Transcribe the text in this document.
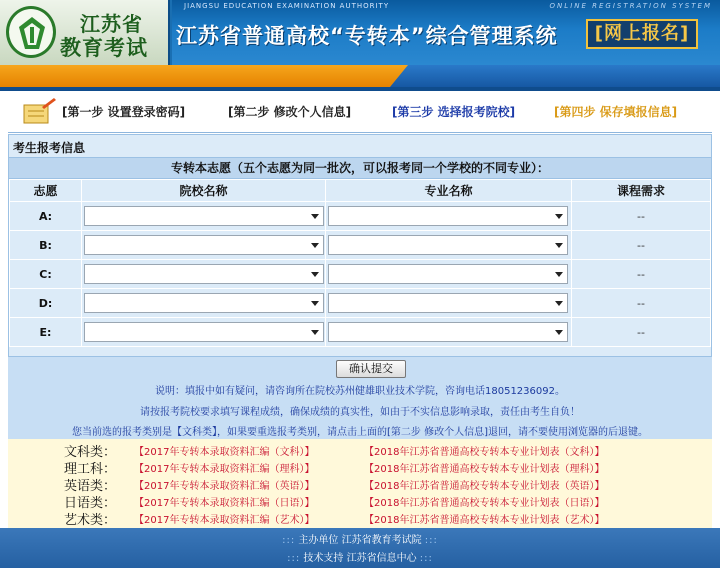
江苏省
教育考试
JIANGSU EDUCATION EXAMINATION AUTHORITY	ONLINE REGISTRATION SYSTEM
江苏省普通高校“专转本”综合管理系统	[网上报名]
[第一步 设置登录密码]	[第二步 修改个人信息]	[第三步 选择报考院校]	[第四步 保存填报信息]
考生报考信息
专转本志愿（五个志愿为同一批次，可以报考同一个学校的不同专业）：
志愿	院校名称	专业名称	课程需求
A:			--
B:			--
C:			--
D:			--
E:			--
确认提交
说明：填报中如有疑问，请咨询所在院校苏州健雄职业技术学院，咨询电话18051236092。
请按报考院校要求填写课程成绩，确保成绩的真实性，如由于不实信息影响录取，责任由考生自负！
您当前选的报考类别是【文科类】，如果要重选报考类别，请点击上面的[第二步 修改个人信息]退回，请不要使用浏览器的后退键。
文科类： 【2017年专转本录取资料汇编（文科）】	【2018年江苏省普通高校专转本专业计划表（文科）】
理工科： 【2017年专转本录取资料汇编（理科）】	【2018年江苏省普通高校专转本专业计划表（理科）】
英语类： 【2017年专转本录取资料汇编（英语）】	【2018年江苏省普通高校专转本专业计划表（英语）】
日语类： 【2017年专转本录取资料汇编（日语）】	【2018年江苏省普通高校专转本专业计划表（日语）】
艺术类： 【2017年专转本录取资料汇编（艺术）】	【2018年江苏省普通高校专转本专业计划表（艺术）】
::: 主办单位 江苏省教育考试院 :::
::: 技术支持 江苏省信息中心 :::
